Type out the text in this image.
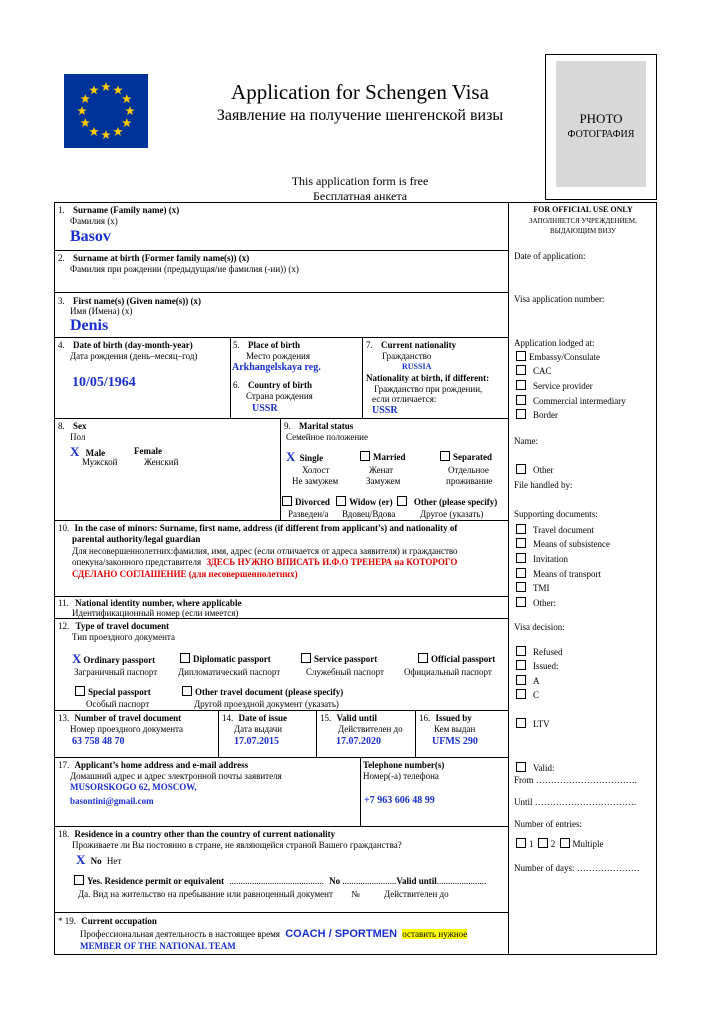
Application for Schengen Visa
Заявление на получение шенгенской визы	PHOTO
ФОТОГРАФИЯ
This application form is free
Бесплатная анкета
1. Surname (Family name) (x)
Фамилия (x)
Basov
2. Surname at birth (Former family name(s)) (x)
Фамилия при рождении (предыдущая/ие фамилия (-ии)) (x)
3. First name(s) (Given name(s)) (x)
Имя (Имена) (x)
Denis
4. Date of birth (day-month-year)
Дата рождения (день–месяц–год)
10/05/1964
5. Place of birth
Место рождения
Arkhangelskaya reg.
6. Country of birth
Страна рождения
USSR
7. Current nationality
Гражданство
RUSSIA
Nationality at birth, if different:
Гражданство при рождении,
если отличается:
USSR
8. Sex
Пол
X Male
Мужской
Female
Женский
9. Marital status
Семейное положение
X Single
Холост
Не замужем
Married
Женат
Замужем
Separated
Отдельное
проживание
Divorced Widow (er) Other (please specify)
Разведен/а Вдовец/Вдова	Другое (указать)
10. In the case of minors: Surname, first name, address (if different from applicant’s) and nationality of
parental authority/legal guardian
Для несовершеннолетних:фамилия, имя, адрес (если отличается от адреса заявителя) и гражданство
опекуна/законного представителя ЗДЕСЬ НУЖНО ВПИСАТЬ И.Ф.О ТРЕНЕРА на КОТОРОГО
СДЕЛАНО СОГЛАШЕНИЕ (для несовершеннолетних)
11. National identity number, where applicable
Идентификационный номер (если имеется)
12. Type of travel document
Тип проездного документа
X Ordinary passport
Заграничный паспорт
Diplomatic passport
Дипломатический паспорт
Service passport
Служебный паспорт
Official passport
Официальный паспорт
Special passport
Особый паспорт
Other travel document (please specify)
Другой проездной документ (указать)
13. Number of travel document
Номер проездного документа
63 758 48 70
14. Date of issue
Дата выдачи
17.07.2015
15. Valid until
Действителен до
17.07.2020
16. Issued by
Кем выдан
UFMS 290
17. Applicant’s home address and e-mail address
Домашний адрес и адрес электронной почты заявителя
MUSORSKOGO 62, MOSCOW,
basontini@gmail.com
Telephone number(s)
Номер(-а) телефона
+7 963 606 48 99
18. Residence in a country other than the country of current nationality
Проживаете ли Вы постоянно в стране, не являющейся страной Вашего гражданства?
X No Нет
Yes. Residence permit or equivalent .......................................... No ........................Valid until......................
Да. Вид на жительство на пребывание или равноценный документ №	Действителен до
* 19. Current occupation
Профессиональная деятельность в настоящее время COACH / SPORTMEN оставить нужное
MEMBER OF THE NATIONAL TEAM
FOR OFFICIAL USE ONLY
ЗАПОЛНЯЕТСЯ УЧРЕЖДЕНИЕМ, ВЫДАЮЩИМ ВИЗУ
Date of application:
Visa application number:
Application lodged at:
Embassy/Consulate
CAC
Service provider
Commercial intermediary
Border
Name:
Other
File handled by:
Supporting documents:
Travel document
Means of subsistence
Invitation
Means of transport
TMI
Other:
Visa decision:
Refused
Issued:
A
C
LTV
Valid:
From …………………………….
Until …………………………….
Number of entries:
1 2 Multiple
Number of days: …………………
